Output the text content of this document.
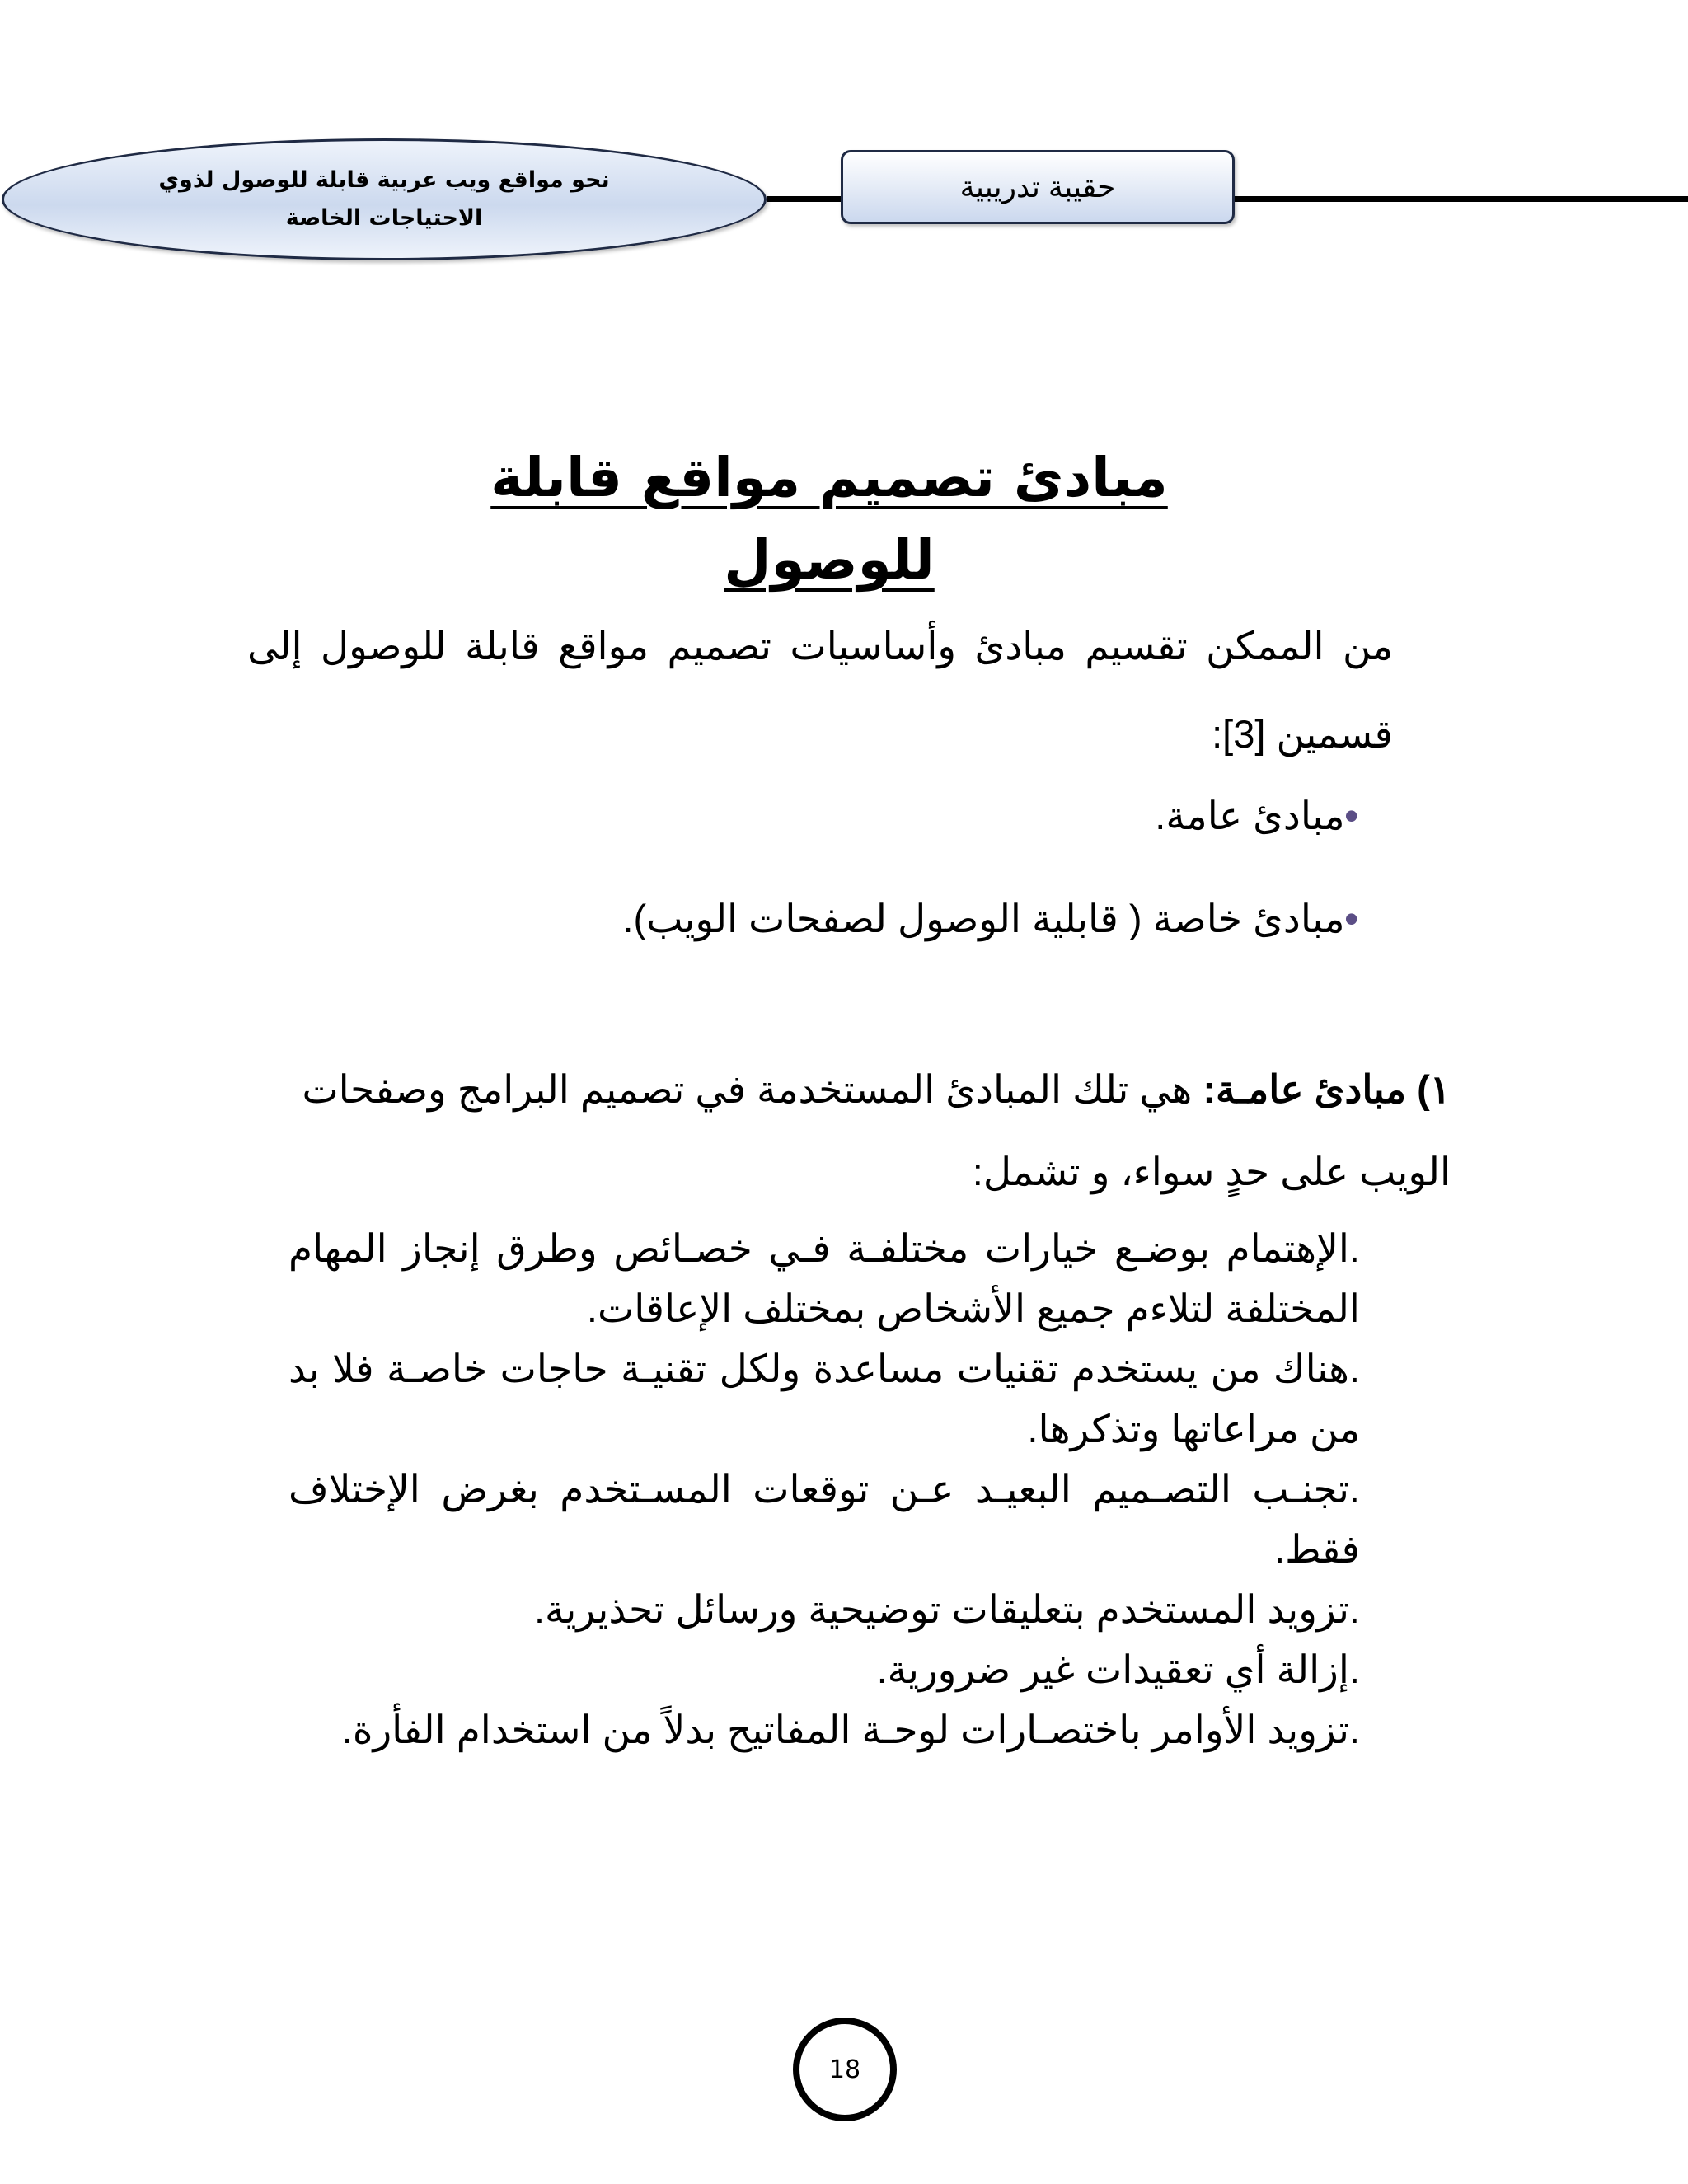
نحو مواقع ويب عربية قابلة للوصول لذوي
الاحتياجات الخاصة
حقيبة تدريبية
مبادئ تصميم مواقع قابلة للوصول

من الممكن تقسيم مبادئ وأساسيات تصميم مواقع قابلة للوصول إلى قسمين [3]:

•مبادئ عامة.
•مبادئ خاصة ( قابلية الوصول لصفحات الويب).

١) مبادئ عامـة: هي تلك المبادئ المستخدمة في تصميم البرامج وصفحات الويب على حدٍ سواء، و تشمل:

.الإهتمام بوضـع خيارات مختلفـة فـي خصـائص وطرق إنجاز المهام المختلفة لتلاءم جميع الأشخاص بمختلف الإعاقات.
.هناك من يستخدم تقنيات مساعدة ولكل تقنيـة حاجات خاصـة فلا بد من مراعاتها وتذكرها.
.تجنـب التصـميم البعيـد عـن توقعات المسـتخدم بغرض الإختلاف فقط.
.تزويد المستخدم بتعليقات توضيحية ورسائل تحذيرية.
.إزالة أي تعقيدات غير ضرورية.
.تزويد الأوامر باختصـارات لوحـة المفاتيح بدلاً من استخدام الفأرة.
18
